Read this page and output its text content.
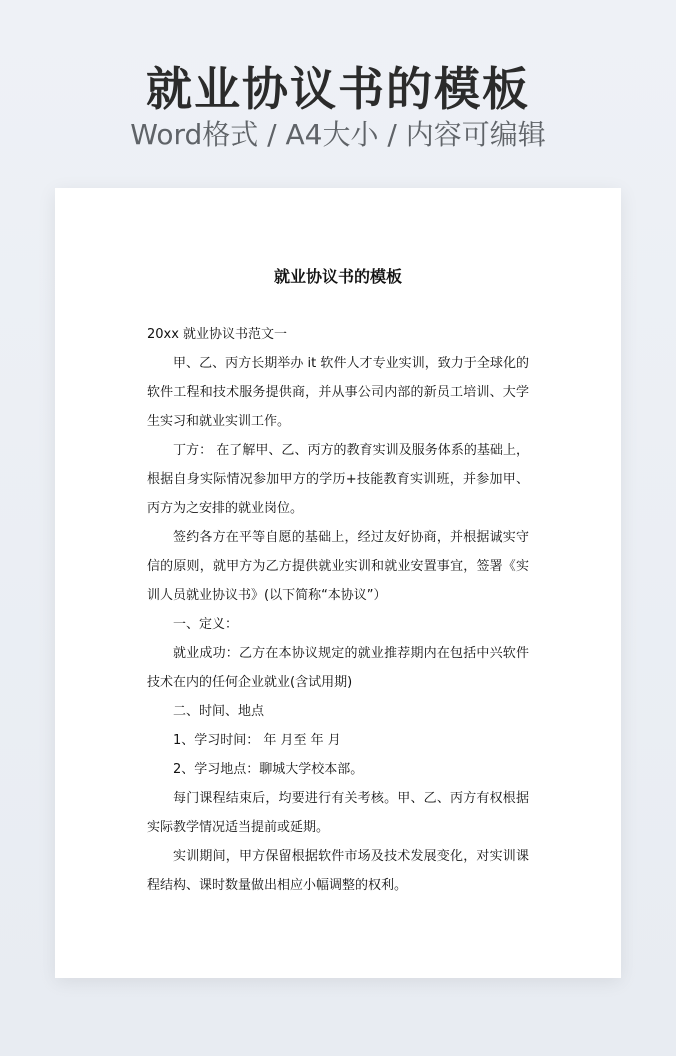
就业协议书的模板
Word格式 / A4大小 / 内容可编辑
就业协议书的模板

20xx 就业协议书范文一

甲、乙、丙方长期举办 it 软件人才专业实训，致力于全球化的软件工程和技术服务提供商，并从事公司内部的新员工培训、大学生实习和就业实训工作。

丁方： 在了解甲、乙、丙方的教育实训及服务体系的基础上，根据自身实际情况参加甲方的学历+技能教育实训班，并参加甲、丙方为之安排的就业岗位。

签约各方在平等自愿的基础上，经过友好协商，并根据诚实守信的原则，就甲方为乙方提供就业实训和就业安置事宜，签署《实训人员就业协议书》(以下简称“本协议”）

一、定义：

就业成功：乙方在本协议规定的就业推荐期内在包括中兴软件技术在内的任何企业就业(含试用期)

二、时间、地点

1、学习时间： 年 月至 年 月

2、学习地点：聊城大学校本部。

每门课程结束后，均要进行有关考核。甲、乙、丙方有权根据实际教学情况适当提前或延期。

实训期间，甲方保留根据软件市场及技术发展变化，对实训课程结构、课时数量做出相应小幅调整的权利。
